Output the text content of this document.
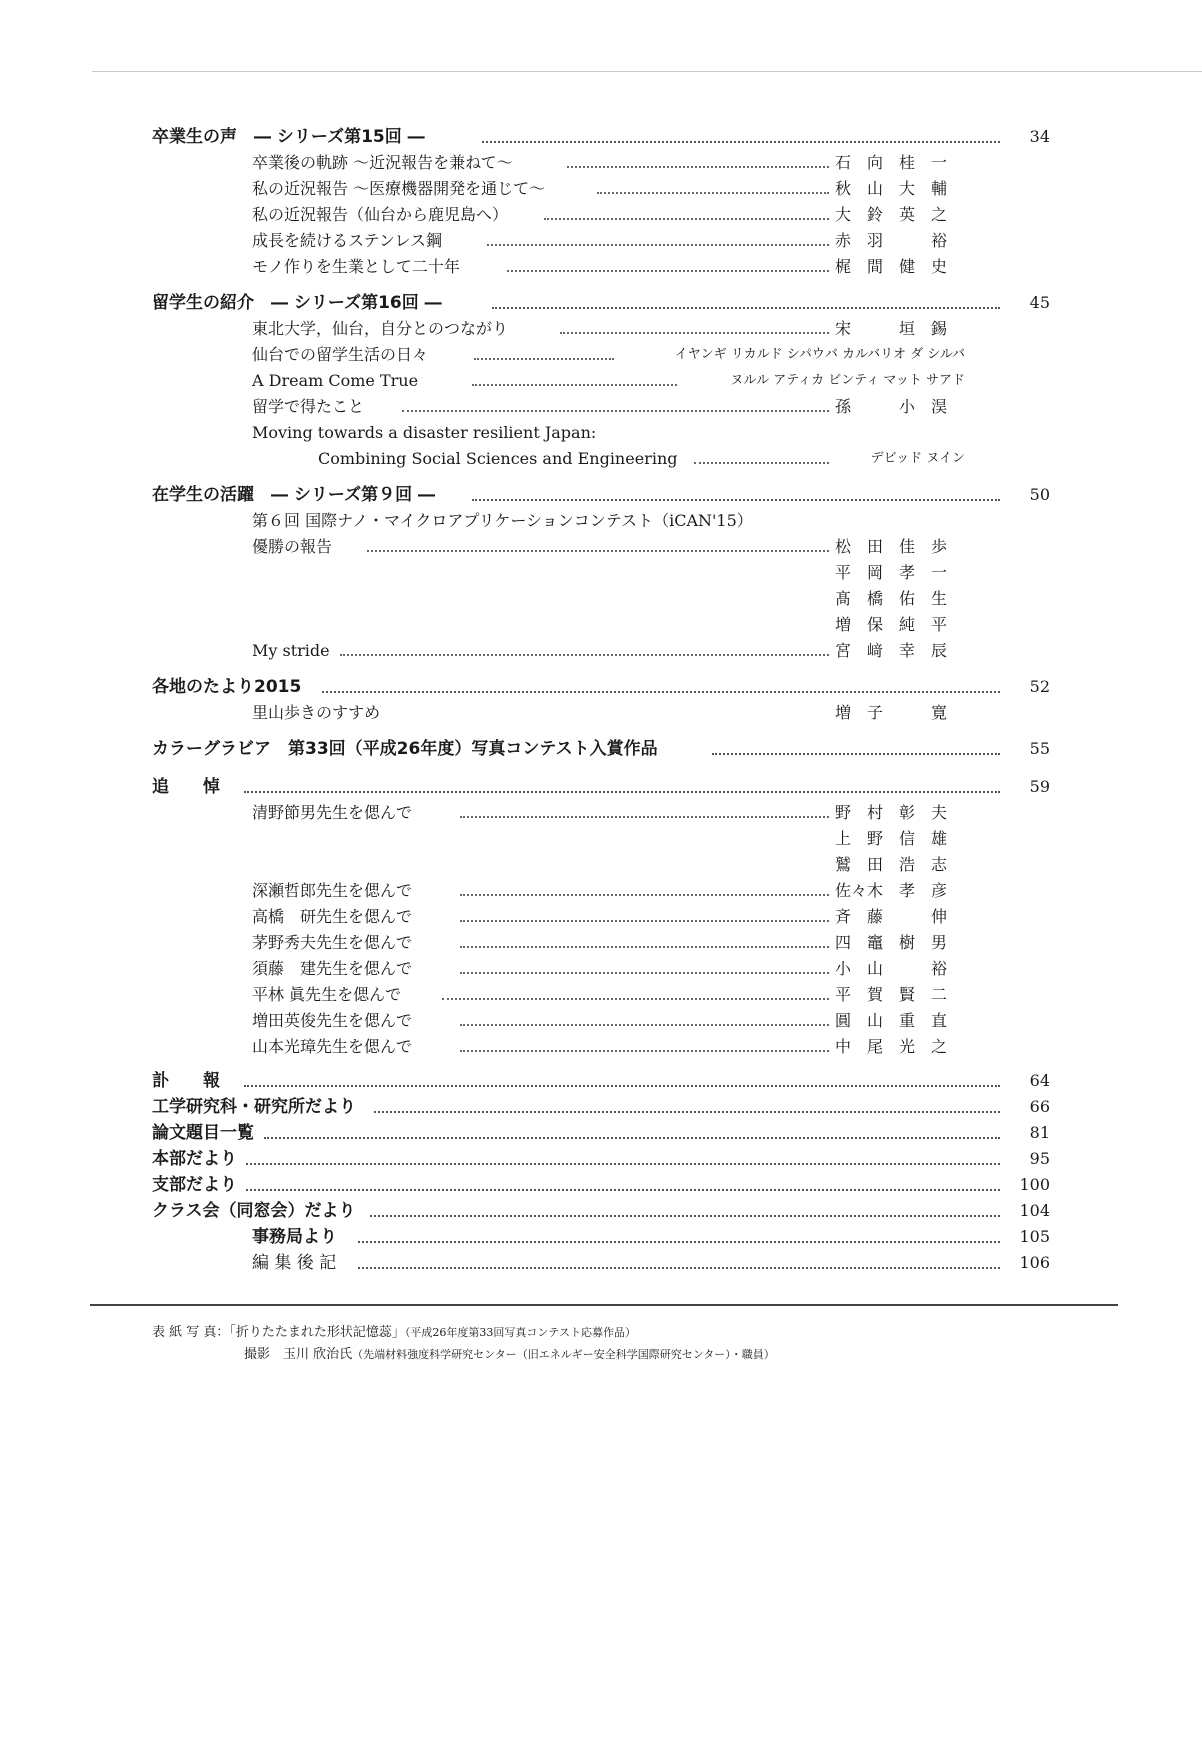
卒業生の声　― シリーズ第15回 ―	34
卒業後の軌跡 ～近況報告を兼ねて～	石　向　桂　一
私の近況報告 ～医療機器開発を通じて～	秋　山　大　輔
私の近況報告（仙台から鹿児島へ）	大　鈴　英　之
成長を続けるステンレス鋼	赤　羽　　　裕
モノ作りを生業として二十年	梶　間　健　史
留学生の紹介　― シリーズ第16回 ―	45
東北大学，仙台，自分とのつながり	宋　　　垣　錫
仙台での留学生活の日々	イヤンギ リカルド シパウバ カルバリオ ダ シルバ
A Dream Come True	ヌルル アティカ ビンティ マット サアド
留学で得たこと	孫　　　小　淏
Moving towards a disaster resilient Japan:
Combining Social Sciences and Engineering	デビッド ヌイン
在学生の活躍　― シリーズ第９回 ―	50
第６回 国際ナノ・マイクロアプリケーションコンテスト（iCAN'15）
優勝の報告	松　田　佳　歩
平　岡　孝　一
髙　橋　佑　生
増　保　純　平
My stride	宮　﨑　幸　辰
各地のたより2015	52
里山歩きのすすめ	増　子　　　寛
カラーグラビア　第33回（平成26年度）写真コンテスト入賞作品	55
追　　悼	59
清野節男先生を偲んで	野　村　彰　夫
上　野　信　雄
鷲　田　浩　志
深瀬哲郎先生を偲んで	佐々木　孝　彦
高橋　研先生を偲んで	斉　藤　　　伸
茅野秀夫先生を偲んで	四　竈　樹　男
須藤　建先生を偲んで	小　山　　　裕
平林 眞先生を偲んで	平　賀　賢　二
増田英俊先生を偲んで	圓　山　重　直
山本光璋先生を偲んで	中　尾　光　之
訃　　報	64
工学研究科・研究所だより	66
論文題目一覧	81
本部だより	95
支部だより	100
クラス会（同窓会）だより	104
事務局より	105
編 集 後 記	106
表 紙 写 真：「折りたたまれた形状記憶蕊」（平成26年度第33回写真コンテスト応募作品）
撮影　玉川 欣治氏（先端材料強度科学研究センター（旧エネルギー安全科学国際研究センター）・職員）
